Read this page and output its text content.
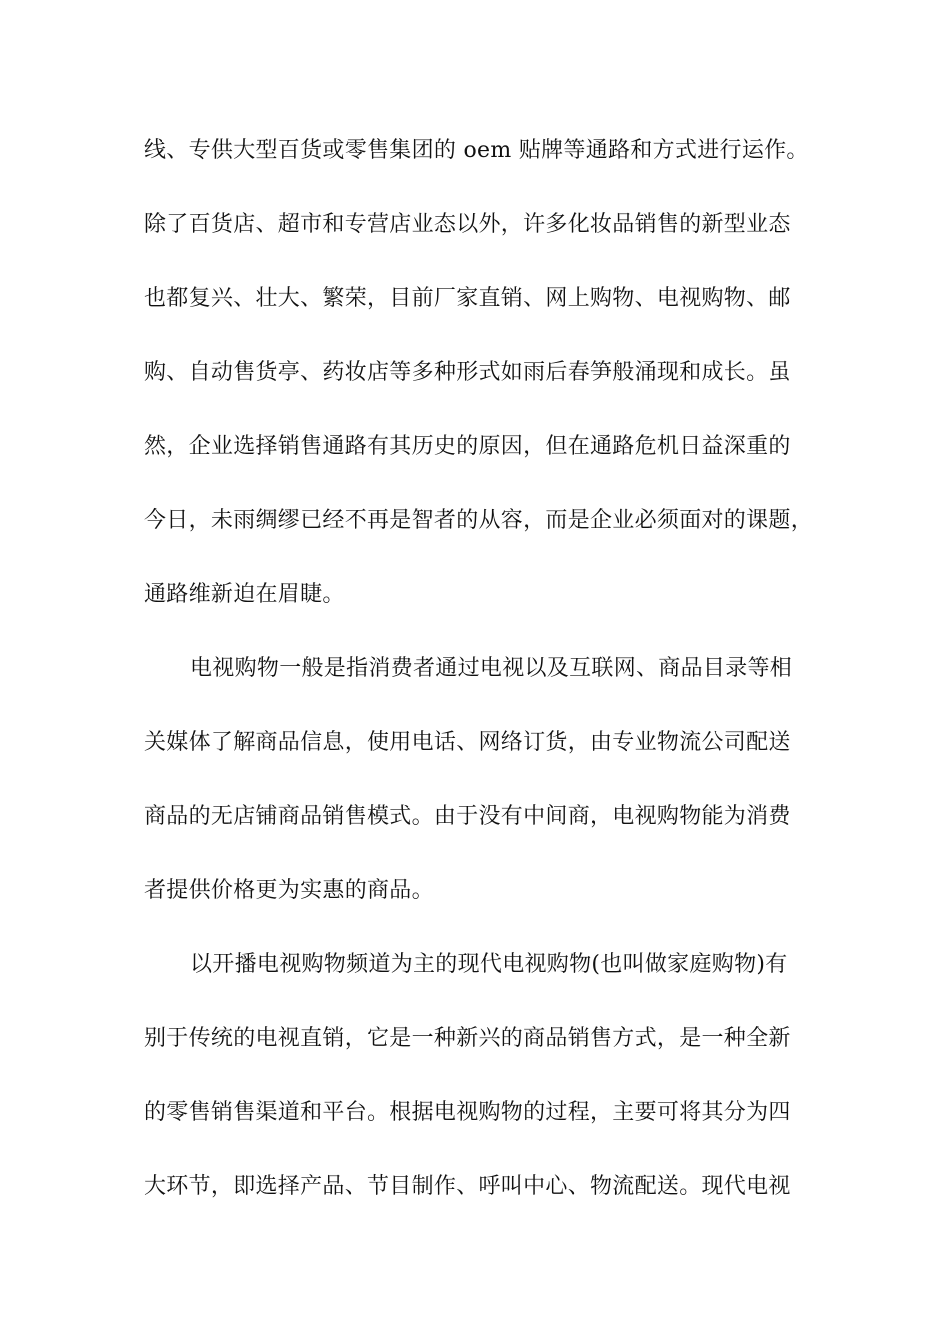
线、专供大型百货或零售集团的 oem 贴牌等通路和方式进行运作。
除了百货店、超市和专营店业态以外，许多化妆品销售的新型业态
也都复兴、壮大、繁荣，目前厂家直销、网上购物、电视购物、邮
购、自动售货亭、药妆店等多种形式如雨后春笋般涌现和成长。虽
然，企业选择销售通路有其历史的原因，但在通路危机日益深重的
今日，未雨绸缪已经不再是智者的从容，而是企业必须面对的课题，
通路维新迫在眉睫。
电视购物一般是指消费者通过电视以及互联网、商品目录等相
关媒体了解商品信息，使用电话、网络订货，由专业物流公司配送
商品的无店铺商品销售模式。由于没有中间商，电视购物能为消费
者提供价格更为实惠的商品。
以开播电视购物频道为主的现代电视购物(也叫做家庭购物)有
别于传统的电视直销，它是一种新兴的商品销售方式，是一种全新
的零售销售渠道和平台。根据电视购物的过程，主要可将其分为四
大环节，即选择产品、节目制作、呼叫中心、物流配送。现代电视
